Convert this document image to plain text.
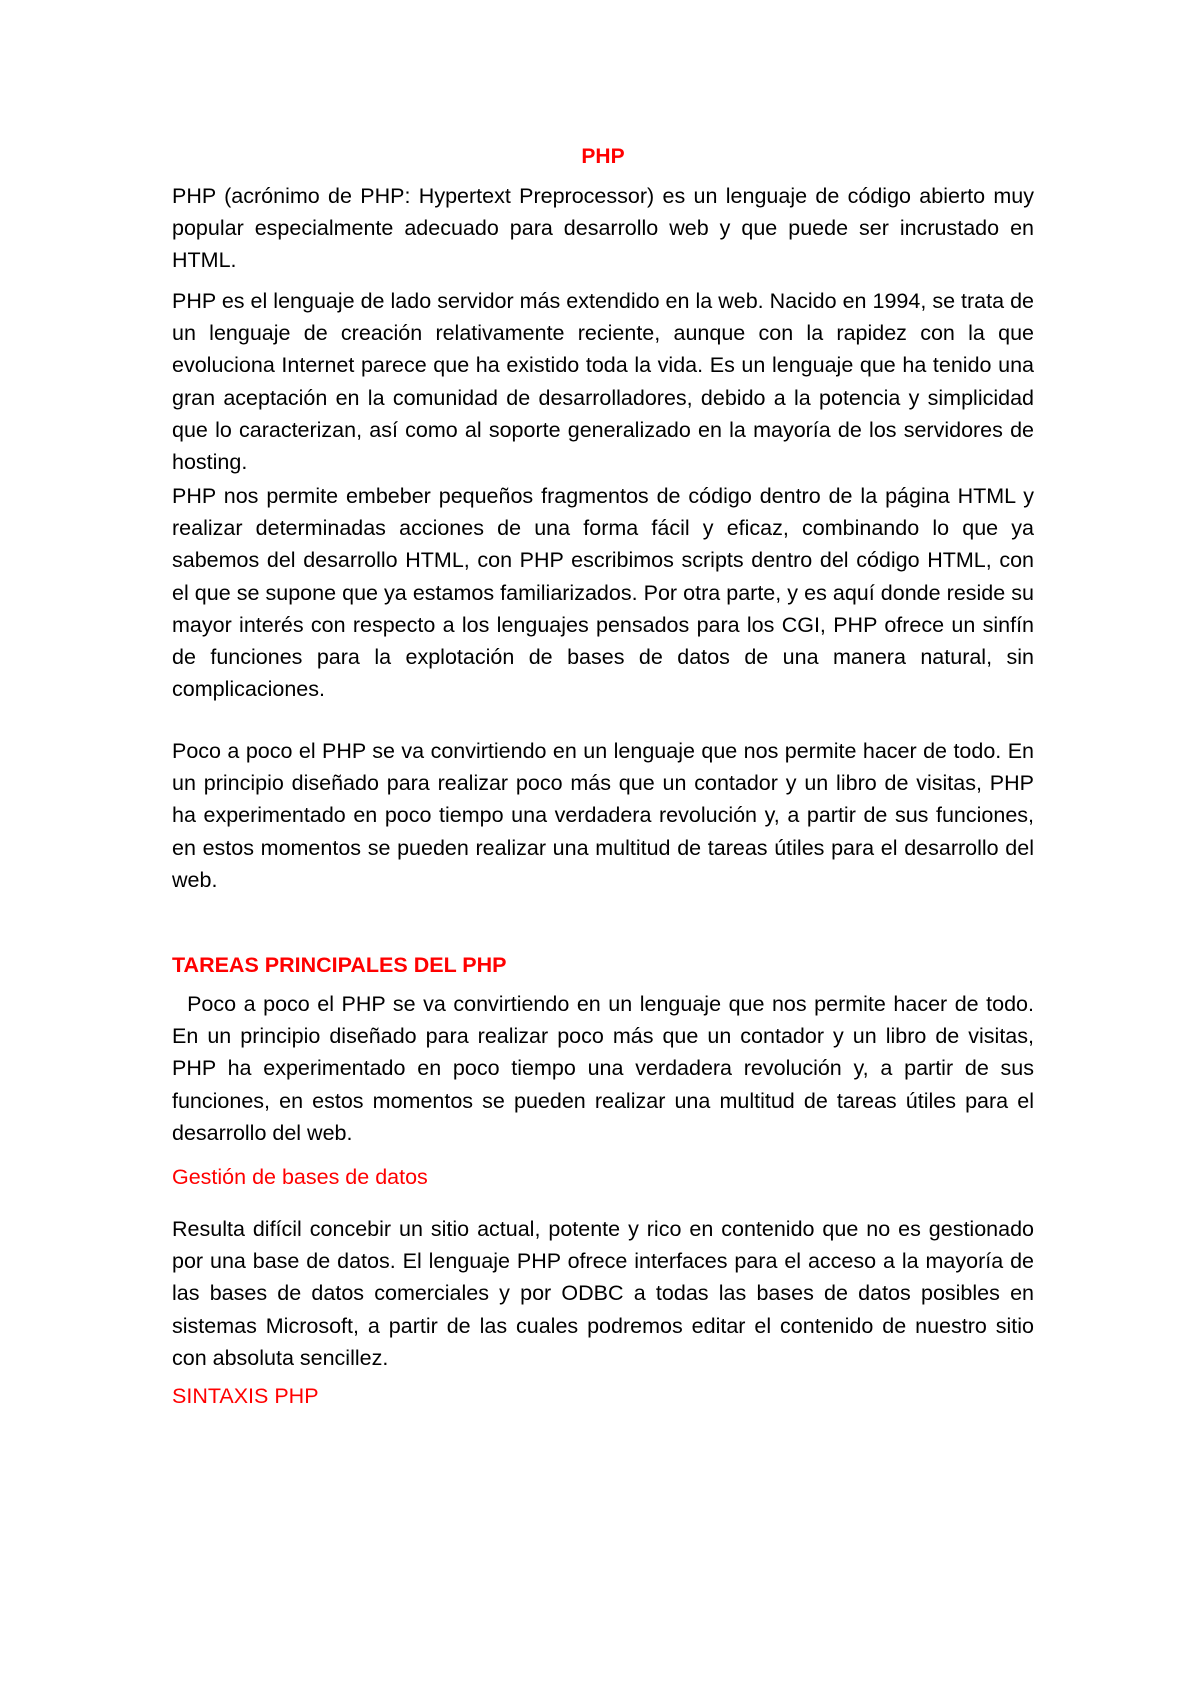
PHP

PHP (acrónimo de PHP: Hypertext Preprocessor) es un lenguaje de código abierto muy popular especialmente adecuado para desarrollo web y que puede ser incrustado en HTML.

PHP es el lenguaje de lado servidor más extendido en la web. Nacido en 1994, se trata de un lenguaje de creación relativamente reciente, aunque con la rapidez con la que evoluciona Internet parece que ha existido toda la vida. Es un lenguaje que ha tenido una gran aceptación en la comunidad de desarrolladores, debido a la potencia y simplicidad que lo caracterizan, así como al soporte generalizado en la mayoría de los servidores de hosting.

PHP nos permite embeber pequeños fragmentos de código dentro de la página HTML y realizar determinadas acciones de una forma fácil y eficaz, combinando lo que ya sabemos del desarrollo HTML, con PHP escribimos scripts dentro del código HTML, con el que se supone que ya estamos familiarizados. Por otra parte, y es aquí donde reside su mayor interés con respecto a los lenguajes pensados para los CGI, PHP ofrece un sinfín de funciones para la explotación de bases de datos de una manera natural, sin complicaciones.

Poco a poco el PHP se va convirtiendo en un lenguaje que nos permite hacer de todo. En un principio diseñado para realizar poco más que un contador y un libro de visitas, PHP ha experimentado en poco tiempo una verdadera revolución y, a partir de sus funciones, en estos momentos se pueden realizar una multitud de tareas útiles para el desarrollo del web.

TAREAS PRINCIPALES DEL PHP

Poco a poco el PHP se va convirtiendo en un lenguaje que nos permite hacer de todo. En un principio diseñado para realizar poco más que un contador y un libro de visitas, PHP ha experimentado en poco tiempo una verdadera revolución y, a partir de sus funciones, en estos momentos se pueden realizar una multitud de tareas útiles para el desarrollo del web.

Gestión de bases de datos

Resulta difícil concebir un sitio actual, potente y rico en contenido que no es gestionado por una base de datos. El lenguaje PHP ofrece interfaces para el acceso a la mayoría de las bases de datos comerciales y por ODBC a todas las bases de datos posibles en sistemas Microsoft, a partir de las cuales podremos editar el contenido de nuestro sitio con absoluta sencillez.

SINTAXIS PHP
